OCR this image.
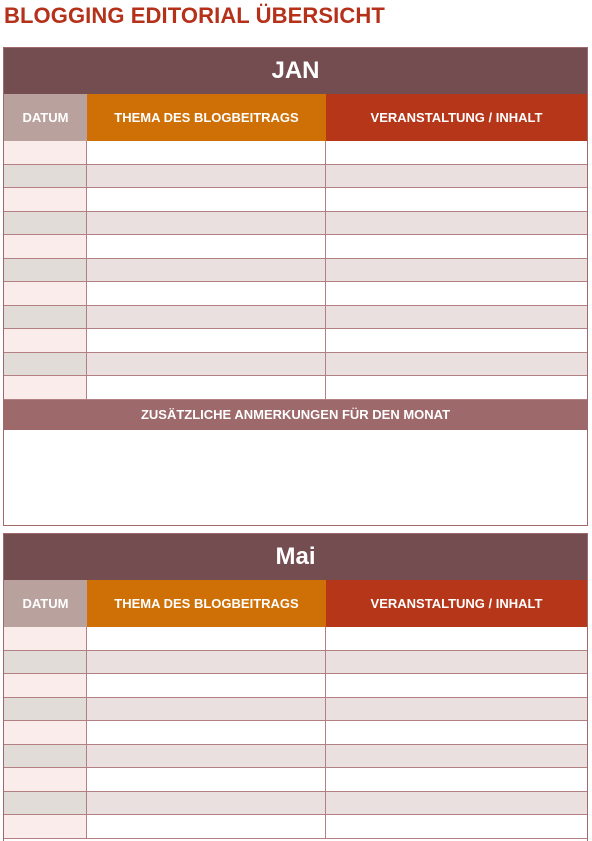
BLOGGING EDITORIAL ÜBERSICHT
JAN
DATUM	THEMA DES BLOGBEITRAGS	VERANSTALTUNG / INHALT
ZUSÄTZLICHE ANMERKUNGEN FÜR DEN MONAT
Mai
DATUM	THEMA DES BLOGBEITRAGS	VERANSTALTUNG / INHALT
